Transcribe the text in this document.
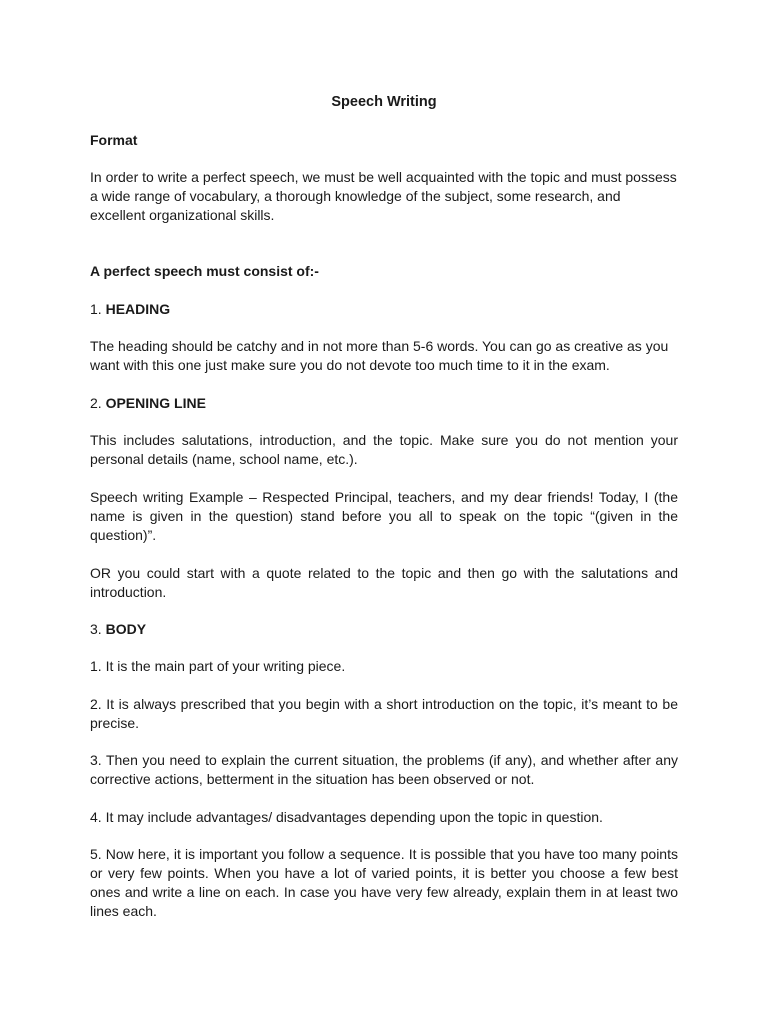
Speech Writing

Format

In order to write a perfect speech, we must be well acquainted with the topic and must possess a wide range of vocabulary, a thorough knowledge of the subject, some research, and excellent organizational skills.

A perfect speech must consist of:-

1. HEADING

The heading should be catchy and in not more than 5-6 words. You can go as creative as you want with this one just make sure you do not devote too much time to it in the exam.

2. OPENING LINE

This includes salutations, introduction, and the topic. Make sure you do not mention your personal details (name, school name, etc.).

Speech writing Example – Respected Principal, teachers, and my dear friends! Today, I (the name is given in the question) stand before you all to speak on the topic “(given in the question)”.

OR you could start with a quote related to the topic and then go with the salutations and introduction.

3. BODY

1. It is the main part of your writing piece.

2. It is always prescribed that you begin with a short introduction on the topic, it’s meant to be precise.

3. Then you need to explain the current situation, the problems (if any), and whether after any corrective actions, betterment in the situation has been observed or not.

4. It may include advantages/ disadvantages depending upon the topic in question.

5. Now here, it is important you follow a sequence. It is possible that you have too many points or very few points. When you have a lot of varied points, it is better you choose a few best ones and write a line on each. In case you have very few already, explain them in at least two lines each.
